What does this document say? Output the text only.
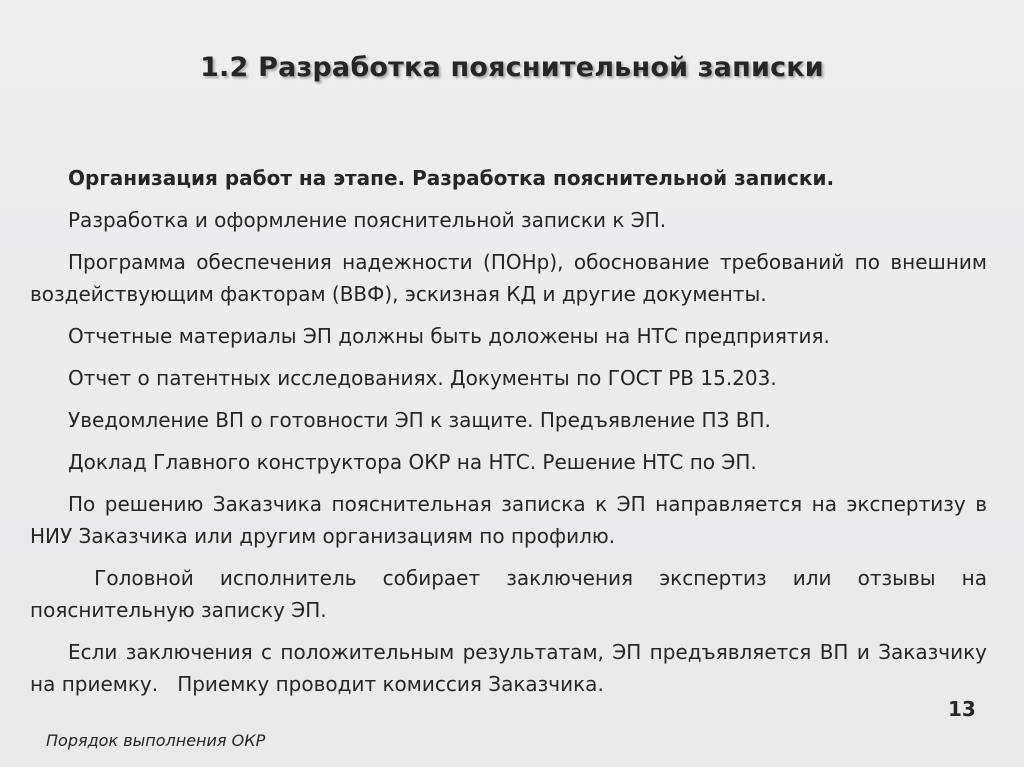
1.2 Разработка пояснительной записки

Организация работ на этапе. Разработка пояснительной записки.

Разработка и оформление пояснительной записки к ЭП.

Программа обеспечения надежности (ПОНр), обоснование требований по внешним воздействующим факторам (ВВФ), эскизная КД и другие документы.

Отчетные материалы ЭП должны быть доложены на НТС предприятия.

Отчет о патентных исследованиях. Документы по ГОСТ РВ 15.203.

Уведомление ВП о готовности ЭП к защите. Предъявление ПЗ ВП.

Доклад Главного конструктора ОКР на НТС. Решение НТС по ЭП.

По решению Заказчика пояснительная записка к ЭП направляется на экспертизу в НИУ Заказчика или другим организациям по профилю.

Головной исполнитель собирает заключения экспертиз или отзывы на пояснительную записку ЭП.

Если заключения с положительным результатам, ЭП предъявляется ВП и Заказчику на приемку.   Приемку проводит комиссия Заказчика.

13
Порядок выполнения ОКР
